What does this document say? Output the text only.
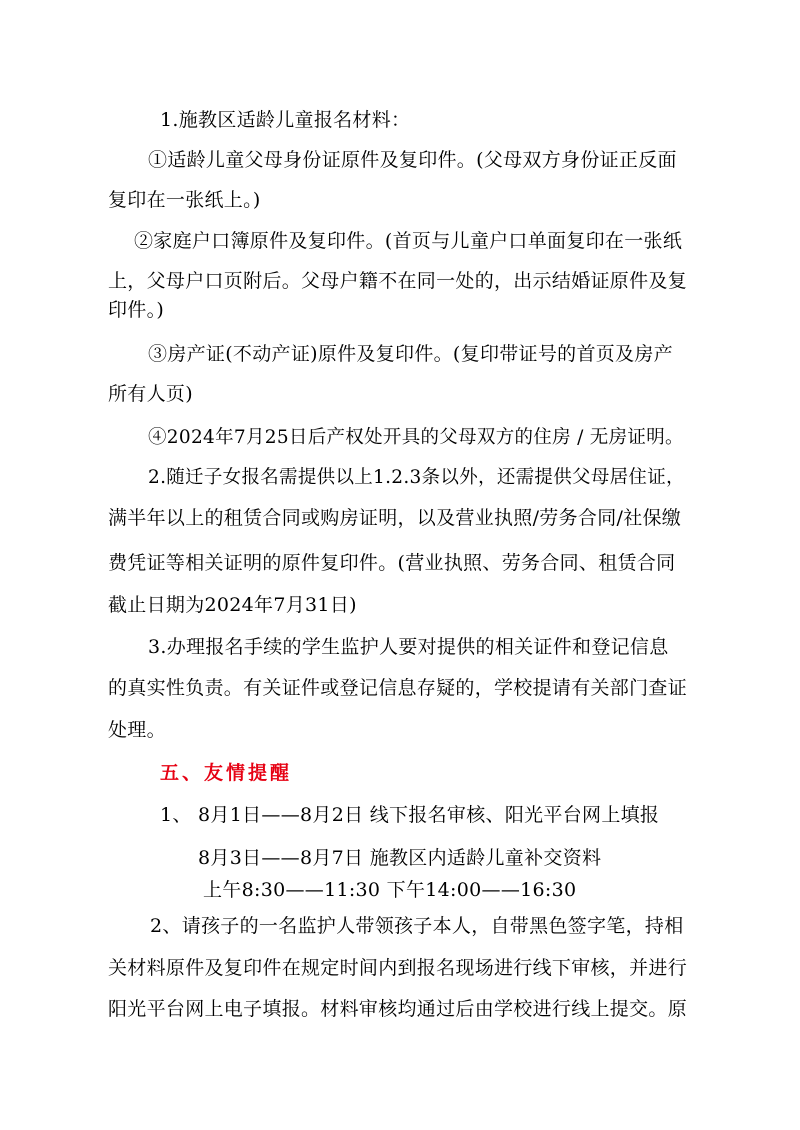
1.施教区适龄儿童报名材料：
①适龄儿童父母身份证原件及复印件。(父母双方身份证正反面
复印在一张纸上。)
②家庭户口簿原件及复印件。(首页与儿童户口单面复印在一张纸
上，父母户口页附后。父母户籍不在同一处的，出示结婚证原件及复
印件。)
③房产证(不动产证)原件及复印件。(复印带证号的首页及房产
所有人页)
④2024年7月25日后产权处开具的父母双方的住房 / 无房证明。
2.随迁子女报名需提供以上1.2.3条以外，还需提供父母居住证，
满半年以上的租赁合同或购房证明，以及营业执照/劳务合同/社保缴
费凭证等相关证明的原件复印件。(营业执照、劳务合同、租赁合同
截止日期为2024年7月31日)
3.办理报名手续的学生监护人要对提供的相关证件和登记信息
的真实性负责。有关证件或登记信息存疑的，学校提请有关部门查证
处理。
五、友情提醒
1、 8月1日——8月2日 线下报名审核、阳光平台网上填报
8月3日——8月7日 施教区内适龄儿童补交资料
上午8:30——11:30 下午14:00——16:30
2、请孩子的一名监护人带领孩子本人，自带黑色签字笔，持相
关材料原件及复印件在规定时间内到报名现场进行线下审核，并进行
阳光平台网上电子填报。材料审核均通过后由学校进行线上提交。原
